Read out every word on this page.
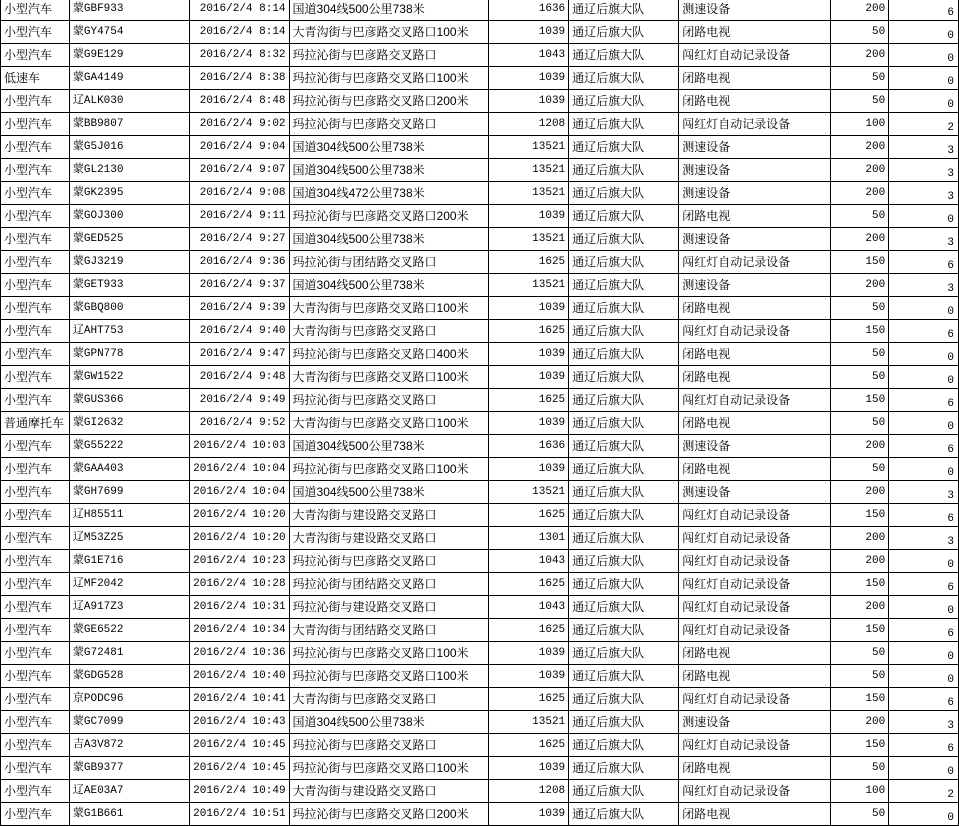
小型汽车	蒙GBF933	2016/2/4 8:14	国道304线500公里738米	1636	通辽后旗大队	测速设备	200	6
小型汽车	蒙GY4754	2016/2/4 8:14	大青沟街与巴彦路交叉路口100米	1039	通辽后旗大队	闭路电视	50	0
小型汽车	蒙G9E129	2016/2/4 8:32	玛拉沁街与巴彦路交叉路口	1043	通辽后旗大队	闯红灯自动记录设备	200	0
低速车	蒙GA4149	2016/2/4 8:38	玛拉沁街与巴彦路交叉路口100米	1039	通辽后旗大队	闭路电视	50	0
小型汽车	辽ALK030	2016/2/4 8:48	玛拉沁街与巴彦路交叉路口200米	1039	通辽后旗大队	闭路电视	50	0
小型汽车	蒙BB9807	2016/2/4 9:02	玛拉沁街与巴彦路交叉路口	1208	通辽后旗大队	闯红灯自动记录设备	100	2
小型汽车	蒙G5J016	2016/2/4 9:04	国道304线500公里738米	13521	通辽后旗大队	测速设备	200	3
小型汽车	蒙GL2130	2016/2/4 9:07	国道304线500公里738米	13521	通辽后旗大队	测速设备	200	3
小型汽车	蒙GK2395	2016/2/4 9:08	国道304线472公里738米	13521	通辽后旗大队	测速设备	200	3
小型汽车	蒙GOJ300	2016/2/4 9:11	玛拉沁街与巴彦路交叉路口200米	1039	通辽后旗大队	闭路电视	50	0
小型汽车	蒙GED525	2016/2/4 9:27	国道304线500公里738米	13521	通辽后旗大队	测速设备	200	3
小型汽车	蒙GJ3219	2016/2/4 9:36	玛拉沁街与团结路交叉路口	1625	通辽后旗大队	闯红灯自动记录设备	150	6
小型汽车	蒙GET933	2016/2/4 9:37	国道304线500公里738米	13521	通辽后旗大队	测速设备	200	3
小型汽车	蒙GBQ800	2016/2/4 9:39	大青沟街与巴彦路交叉路口100米	1039	通辽后旗大队	闭路电视	50	0
小型汽车	辽AHT753	2016/2/4 9:40	大青沟街与巴彦路交叉路口	1625	通辽后旗大队	闯红灯自动记录设备	150	6
小型汽车	蒙GPN778	2016/2/4 9:47	玛拉沁街与巴彦路交叉路口400米	1039	通辽后旗大队	闭路电视	50	0
小型汽车	蒙GW1522	2016/2/4 9:48	大青沟街与巴彦路交叉路口100米	1039	通辽后旗大队	闭路电视	50	0
小型汽车	蒙GUS366	2016/2/4 9:49	玛拉沁街与巴彦路交叉路口	1625	通辽后旗大队	闯红灯自动记录设备	150	6
普通摩托车	蒙GI2632	2016/2/4 9:52	大青沟街与巴彦路交叉路口100米	1039	通辽后旗大队	闭路电视	50	0
小型汽车	蒙G55222	2016/2/4 10:03	国道304线500公里738米	1636	通辽后旗大队	测速设备	200	6
小型汽车	蒙GAA403	2016/2/4 10:04	玛拉沁街与巴彦路交叉路口100米	1039	通辽后旗大队	闭路电视	50	0
小型汽车	蒙GH7699	2016/2/4 10:04	国道304线500公里738米	13521	通辽后旗大队	测速设备	200	3
小型汽车	辽H85511	2016/2/4 10:20	大青沟街与建设路交叉路口	1625	通辽后旗大队	闯红灯自动记录设备	150	6
小型汽车	辽M53Z25	2016/2/4 10:20	大青沟街与建设路交叉路口	1301	通辽后旗大队	闯红灯自动记录设备	200	3
小型汽车	蒙G1E716	2016/2/4 10:23	玛拉沁街与巴彦路交叉路口	1043	通辽后旗大队	闯红灯自动记录设备	200	0
小型汽车	辽MF2042	2016/2/4 10:28	玛拉沁街与团结路交叉路口	1625	通辽后旗大队	闯红灯自动记录设备	150	6
小型汽车	辽A917Z3	2016/2/4 10:31	玛拉沁街与建设路交叉路口	1043	通辽后旗大队	闯红灯自动记录设备	200	0
小型汽车	蒙GE6522	2016/2/4 10:34	大青沟街与团结路交叉路口	1625	通辽后旗大队	闯红灯自动记录设备	150	6
小型汽车	蒙G72481	2016/2/4 10:36	玛拉沁街与巴彦路交叉路口100米	1039	通辽后旗大队	闭路电视	50	0
小型汽车	蒙GDG528	2016/2/4 10:40	玛拉沁街与巴彦路交叉路口100米	1039	通辽后旗大队	闭路电视	50	0
小型汽车	京PODC96	2016/2/4 10:41	大青沟街与巴彦路交叉路口	1625	通辽后旗大队	闯红灯自动记录设备	150	6
小型汽车	蒙GC7099	2016/2/4 10:43	国道304线500公里738米	13521	通辽后旗大队	测速设备	200	3
小型汽车	吉A3V872	2016/2/4 10:45	玛拉沁街与巴彦路交叉路口	1625	通辽后旗大队	闯红灯自动记录设备	150	6
小型汽车	蒙GB9377	2016/2/4 10:45	玛拉沁街与巴彦路交叉路口100米	1039	通辽后旗大队	闭路电视	50	0
小型汽车	辽AE03A7	2016/2/4 10:49	大青沟街与建设路交叉路口	1208	通辽后旗大队	闯红灯自动记录设备	100	2
小型汽车	蒙G1B661	2016/2/4 10:51	玛拉沁街与巴彦路交叉路口200米	1039	通辽后旗大队	闭路电视	50	0
